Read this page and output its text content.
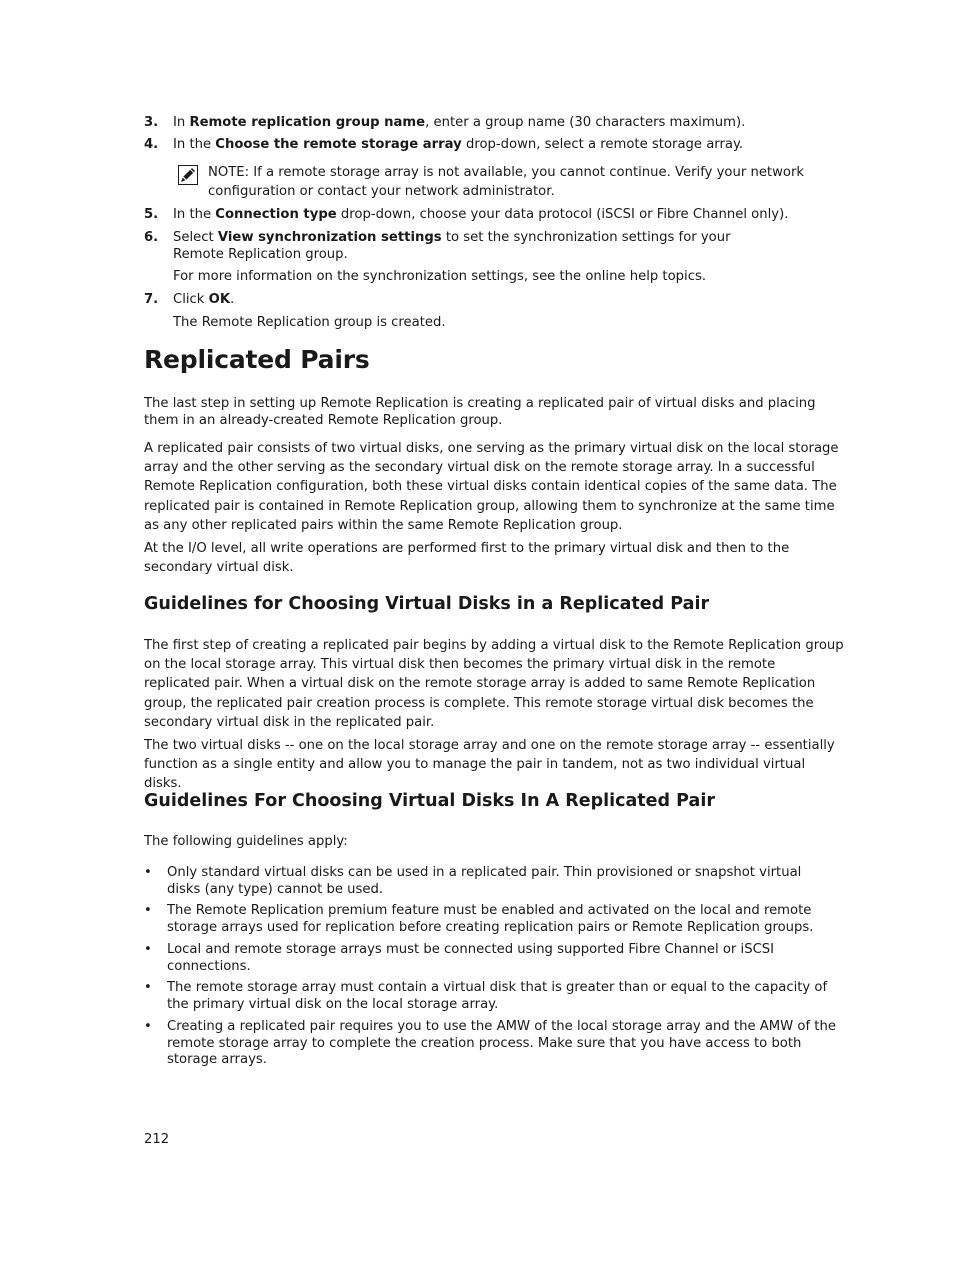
3. In Remote replication group name, enter a group name (30 characters maximum).
4. In the Choose the remote storage array drop-down, select a remote storage array.
NOTE: If a remote storage array is not available, you cannot continue. Verify your network configuration or contact your network administrator.
5. In the Connection type drop-down, choose your data protocol (iSCSI or Fibre Channel only).
6. Select View synchronization settings to set the synchronization settings for your Remote Replication group.
For more information on the synchronization settings, see the online help topics.
7. Click OK.
The Remote Replication group is created.
Replicated Pairs
The last step in setting up Remote Replication is creating a replicated pair of virtual disks and placing them in an already-created Remote Replication group.
A replicated pair consists of two virtual disks, one serving as the primary virtual disk on the local storage array and the other serving as the secondary virtual disk on the remote storage array. In a successful Remote Replication configuration, both these virtual disks contain identical copies of the same data. The replicated pair is contained in Remote Replication group, allowing them to synchronize at the same time as any other replicated pairs within the same Remote Replication group.
At the I/O level, all write operations are performed first to the primary virtual disk and then to the secondary virtual disk.
Guidelines for Choosing Virtual Disks in a Replicated Pair
The first step of creating a replicated pair begins by adding a virtual disk to the Remote Replication group on the local storage array. This virtual disk then becomes the primary virtual disk in the remote replicated pair. When a virtual disk on the remote storage array is added to same Remote Replication group, the replicated pair creation process is complete. This remote storage virtual disk becomes the secondary virtual disk in the replicated pair.
The two virtual disks -- one on the local storage array and one on the remote storage array -- essentially function as a single entity and allow you to manage the pair in tandem, not as two individual virtual disks.
Guidelines For Choosing Virtual Disks In A Replicated Pair
The following guidelines apply:
• Only standard virtual disks can be used in a replicated pair. Thin provisioned or snapshot virtual disks (any type) cannot be used.
• The Remote Replication premium feature must be enabled and activated on the local and remote storage arrays used for replication before creating replication pairs or Remote Replication groups.
• Local and remote storage arrays must be connected using supported Fibre Channel or iSCSI connections.
• The remote storage array must contain a virtual disk that is greater than or equal to the capacity of the primary virtual disk on the local storage array.
• Creating a replicated pair requires you to use the AMW of the local storage array and the AMW of the remote storage array to complete the creation process. Make sure that you have access to both storage arrays.
212
